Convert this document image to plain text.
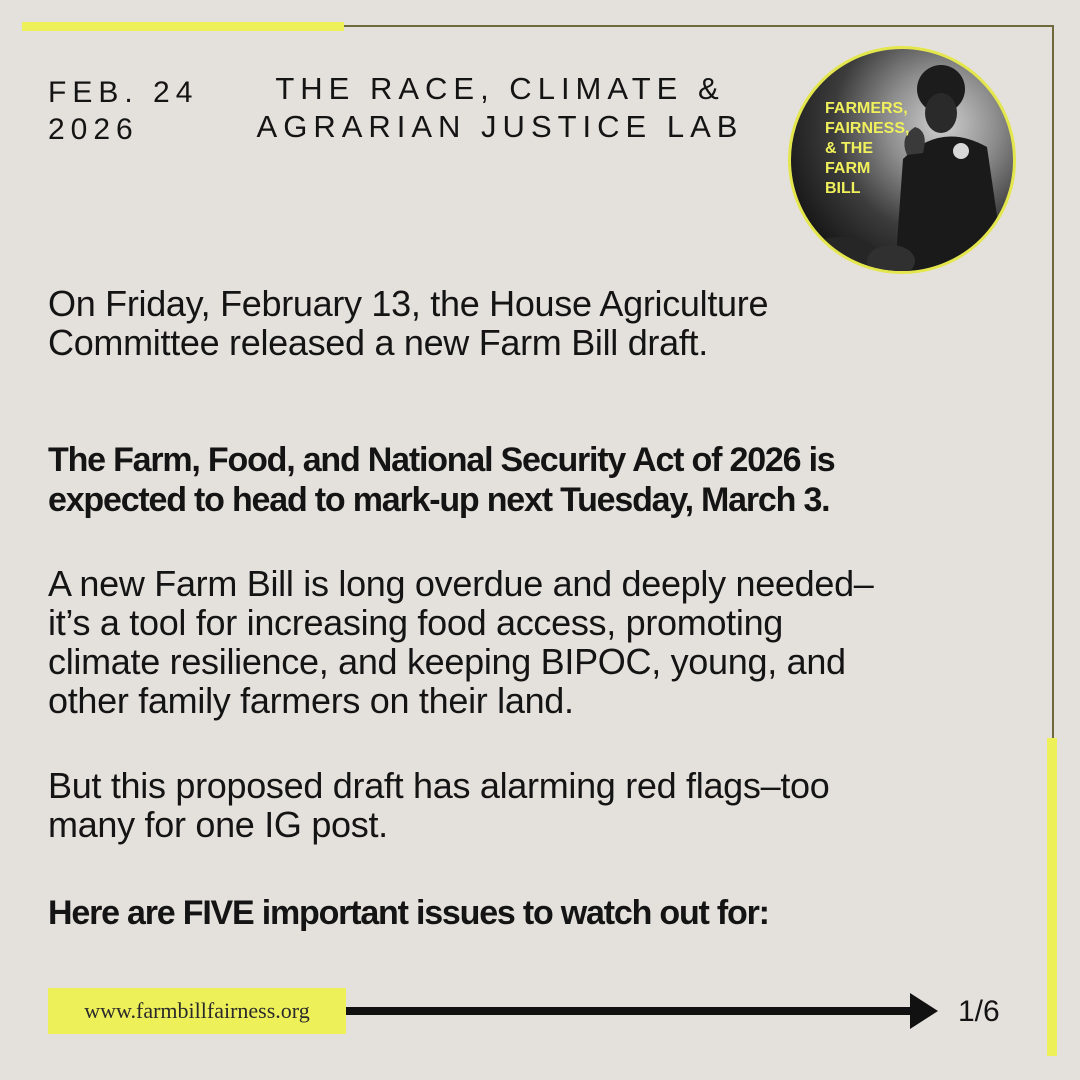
FEB. 24
2026
THE RACE, CLIMATE &
AGRARIAN JUSTICE LAB
FARMERS,
FAIRNESS,
& THE
FARM
BILL
On Friday, February 13, the House Agriculture
Committee released a new Farm Bill draft.
The Farm, Food, and National Security Act of 2026 is
expected to head to mark-up next Tuesday, March 3.
A new Farm Bill is long overdue and deeply needed–
it’s a tool for increasing food access, promoting
climate resilience, and keeping BIPOC, young, and
other family farmers on their land.
But this proposed draft has alarming red flags–too
many for one IG post.
Here are FIVE important issues to watch out for:
www.farmbillfairness.org	1/6
